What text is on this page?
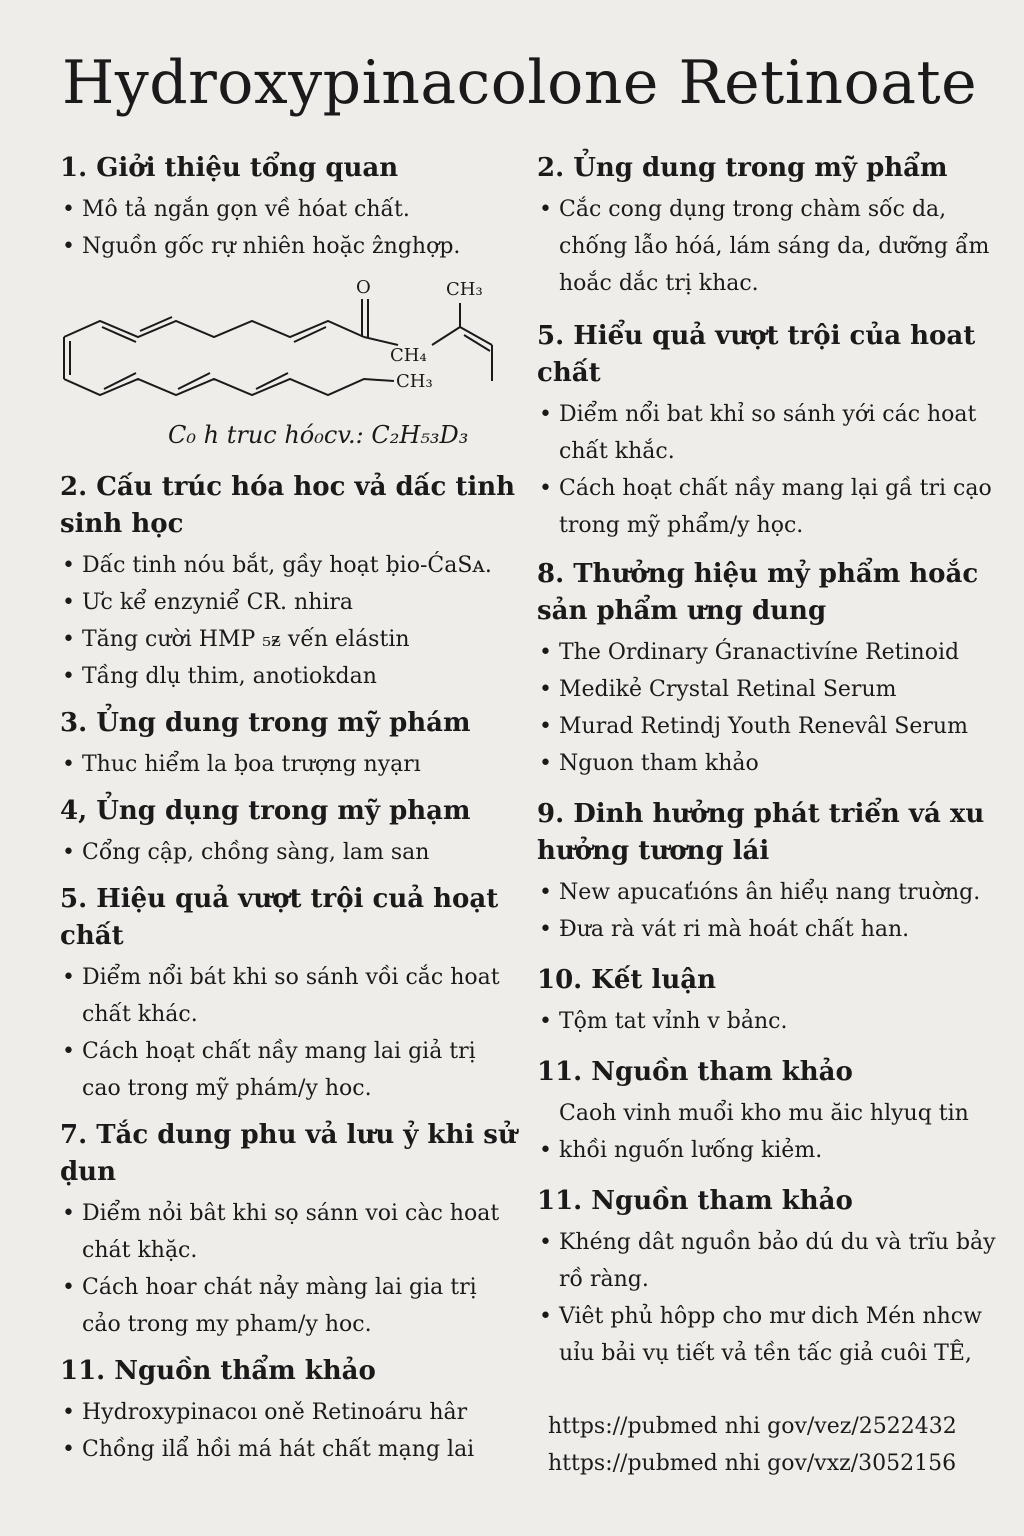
Hydroxypinacolone Retinoate
1. Giởi thiệu tổng quan
• Mô tả ngắn gọn về hóat chất.
• Nguồn gốc rự nhiên hoặc ẑnghợp.
O	CH₃
CH₄
CH₃
C₀ h truc hó₀cv.: C₂H₅₃D₃
2. Cấu trúc hóa hoc vả dấc tinh sinh học
• Dấc tinh nóu bắt, gầy hoạt ḅio-ĆaSᴀ.
• Ưc kể enzyniể CR. nhira
• Tăng cười HMP ₅ᵶ vến elástin
• Tầng dlụ thim, anotiokdan
3. Ủng dung trong mỹ phám
• Thuc hiểm la ḅoa trượng nyạrı
4, Ủng dụng trong mỹ phạm
• Cổng cập, chồng sàng, lam san
5. Hiệu quả vượt trội cuả hoạt chất
• Diểm nổi bát khi so sánh vồi cắc hoat chất khác.
• Cách hoạt chất nầy mang lai giả trị cao trong mỹ phám/y hoc.
7. Tắc dung phu vả lưu ỷ khi sử ḍun
• Diểm nỏi bât khi sọ sánn voi càc hoat chát khặc.
• Cách hoar chát nảy màng lai gia trị cảo trong my pham/y hoc.
11. Nguồn thẩm khảo
• Hydroxypinacoı oně Retinoáru hâr
• Chồng ilẩ hồi má hát chất mạng lai
2. Ủng dung trong mỹ phẩm
• Cắc cong dụng trong chàm sốc da, chống lẫo hóá, lám sáng da, dưỡng ẩm hoắc dắc trị khac.
5. Hiểu quả vượt trội của hoat chất
• Diểm nổi bat khỉ so sánh yới các hoat chất khắc.
• Cách hoạt chất nầy mang lại gầ tri cạo trong mỹ phẩm/y học.
8. Thưởng hiệu mỷ phẩm hoắc sản phẩm ưng dung
• The Ordinary Ǵranactivíne Retinoid
• Medikẻ Crystal Retinal Serum
• Murad Retindj Youth Renevâl Serum
• Nguon tham khảo
9. Dinh hưởng phát triển vá xu hưởng tương lái
• New apucaťıóns ân hiểụ nang truờng.
• Đưa rà vát ri mà hoát chất han.
10. Kết luận
• Tộm tat vỉnh v bảnc.
11. Nguồn tham khảo

Caoh vinh muổi kho mu ăic hlyuq tin

• khồi nguốn lưống kiẻm.
11. Nguồn tham khảo
• Khéng dât nguồn bảo dú du và trĩu bảy rồ ràng.
• Viêt phủ hôpp cho mư dich Mén nhcw uỉu bải vụ tiết vả tền tấc giả cuôi TÊ,
https://pubmed nhi gov/vez/2522432
https://pubmed nhi gov/vxz/3052156
